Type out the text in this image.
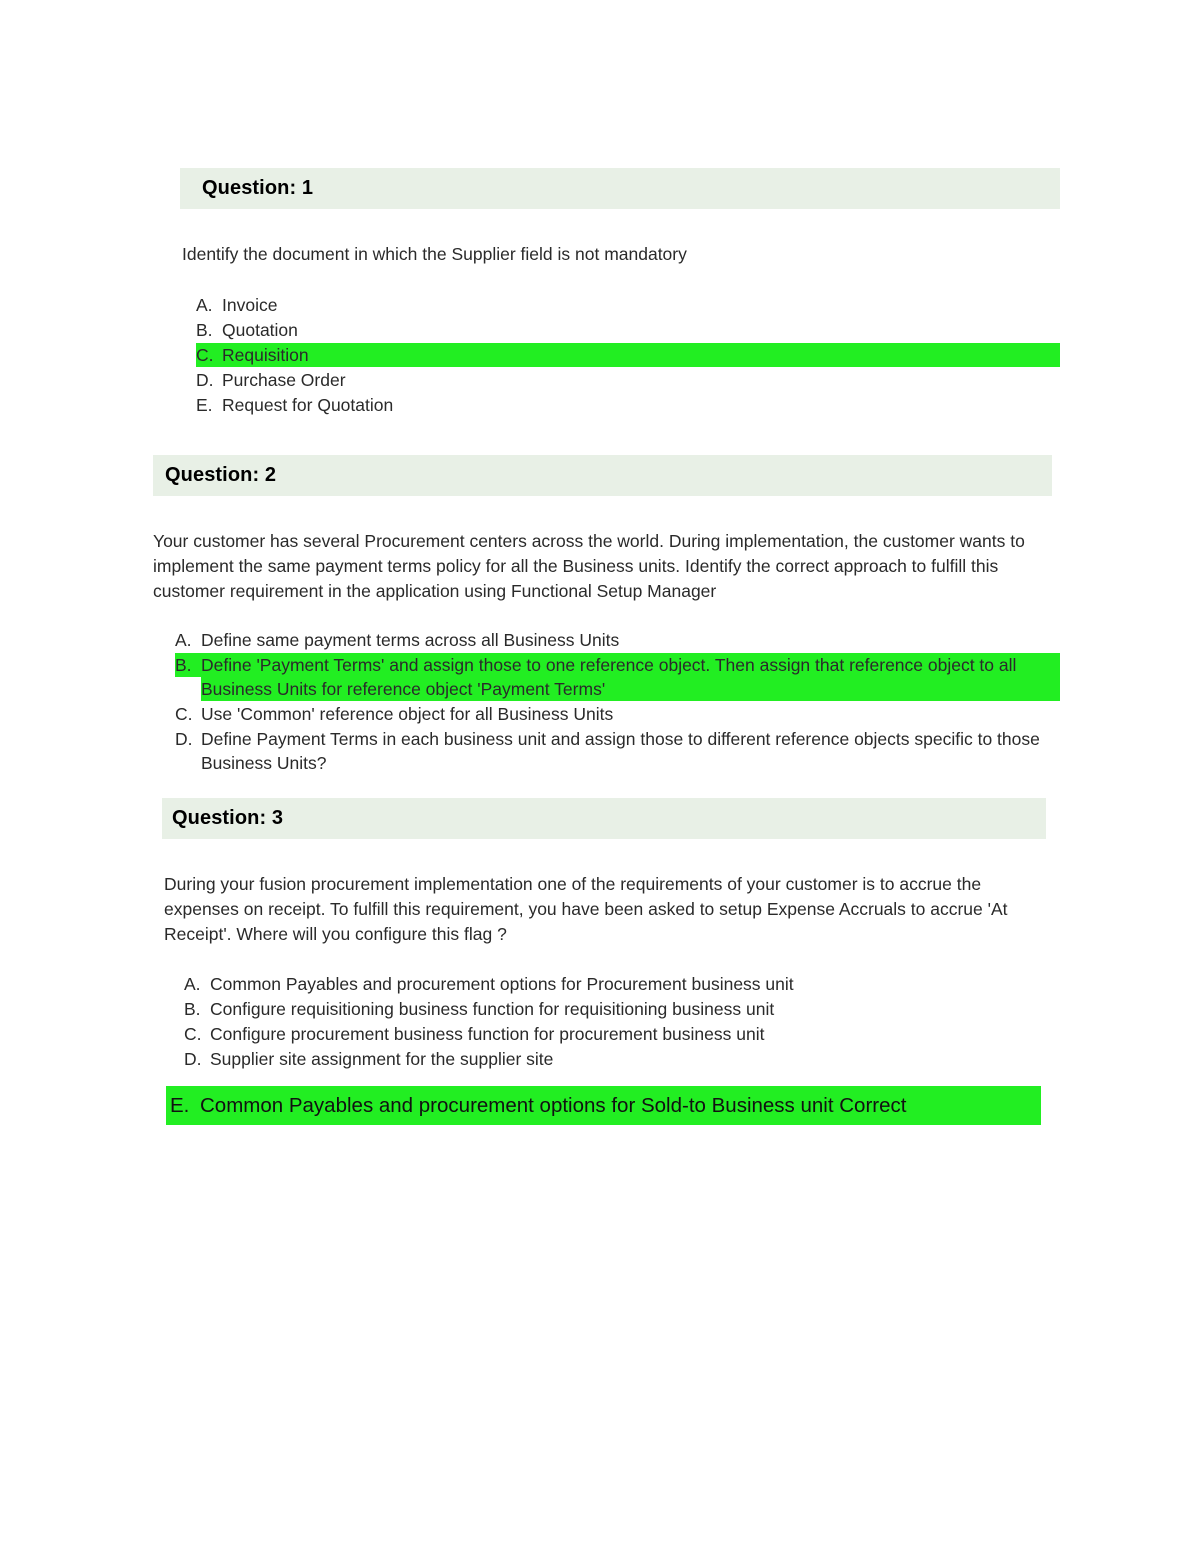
Question: 1
Identify the document in which the Supplier field is not mandatory
A. Invoice
B. Quotation
C. Requisition
D. Purchase Order
E. Request for Quotation
Question: 2
Your customer has several Procurement centers across the world. During implementation, the customer wants to implement the same payment terms policy for all the Business units. Identify the correct approach to fulfill this customer requirement in the application using Functional Setup Manager
A. Define same payment terms across all Business Units
B. Define 'Payment Terms' and assign those to one reference object. Then assign that reference object to all Business Units for reference object 'Payment Terms'
C. Use 'Common' reference object for all Business Units
D. Define Payment Terms in each business unit and assign those to different reference objects specific to those Business Units?
Question: 3
During your fusion procurement implementation one of the requirements of your customer is to accrue the expenses on receipt. To fulfill this requirement, you have been asked to setup Expense Accruals to accrue 'At Receipt'. Where will you configure this flag ?
A. Common Payables and procurement options for Procurement business unit
B. Configure requisitioning business function for requisitioning business unit
C. Configure procurement business function for procurement business unit
D. Supplier site assignment for the supplier site
E. Common Payables and procurement options for Sold-to Business unit Correct
